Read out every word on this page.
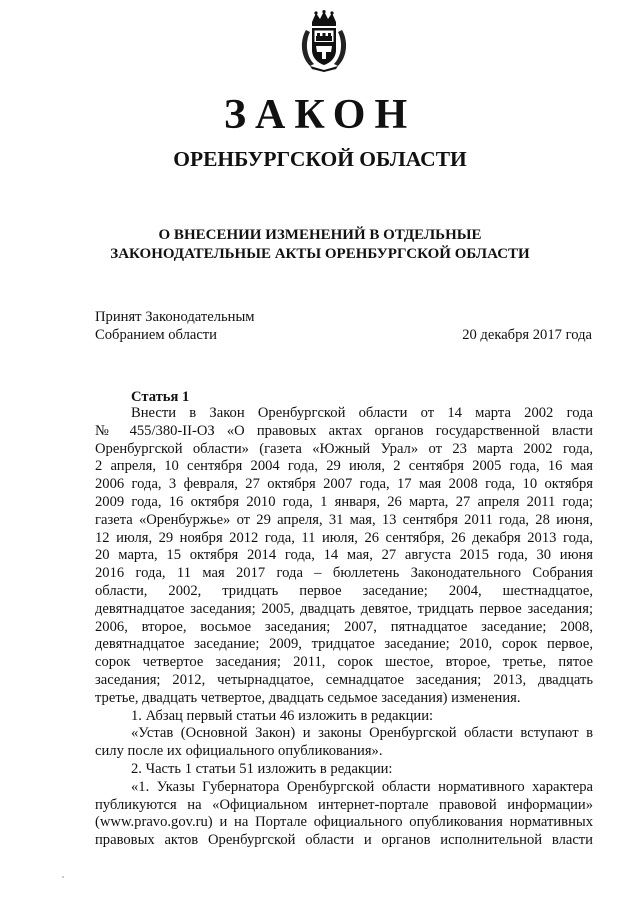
ЗАКОН
ОРЕНБУРГСКОЙ ОБЛАСТИ
О ВНЕСЕНИИ ИЗМЕНЕНИЙ В ОТДЕЛЬНЫЕ
ЗАКОНОДАТЕЛЬНЫЕ АКТЫ ОРЕНБУРГСКОЙ ОБЛАСТИ
Принят Законодательным
Собранием области	20 декабря 2017 года
Статья 1
Внести в Закон Оренбургской области от 14 марта 2002 года
№ 455/380-II-ОЗ «О правовых актах органов государственной власти
Оренбургской области» (газета «Южный Урал» от 23 марта 2002 года,
2 апреля, 10 сентября 2004 года, 29 июля, 2 сентября 2005 года, 16 мая
2006 года, 3 февраля, 27 октября 2007 года, 17 мая 2008 года, 10 октября
2009 года, 16 октября 2010 года, 1 января, 26 марта, 27 апреля 2011 года;
газета «Оренбуржье» от 29 апреля, 31 мая, 13 сентября 2011 года, 28 июня,
12 июля, 29 ноября 2012 года, 11 июля, 26 сентября, 26 декабря 2013 года,
20 марта, 15 октября 2014 года, 14 мая, 27 августа 2015 года, 30 июня
2016 года, 11 мая 2017 года – бюллетень Законодательного Собрания
области, 2002, тридцать первое заседание; 2004, шестнадцатое,
девятнадцатое заседания; 2005, двадцать девятое, тридцать первое заседания;
2006, второе, восьмое заседания; 2007, пятнадцатое заседание; 2008,
девятнадцатое заседание; 2009, тридцатое заседание; 2010, сорок первое,
сорок четвертое заседания; 2011, сорок шестое, второе, третье, пятое
заседания; 2012, четырнадцатое, семнадцатое заседания; 2013, двадцать
третье, двадцать четвертое, двадцать седьмое заседания) изменения.
1. Абзац первый статьи 46 изложить в редакции:
«Устав (Основной Закон) и законы Оренбургской области вступают в
силу после их официального опубликования».
2. Часть 1 статьи 51 изложить в редакции:
«1. Указы Губернатора Оренбургской области нормативного характера
публикуются на «Официальном интернет-портале правовой информации»
(www.pravo.gov.ru) и на Портале официального опубликования нормативных
правовых актов Оренбургской области и органов исполнительной власти
